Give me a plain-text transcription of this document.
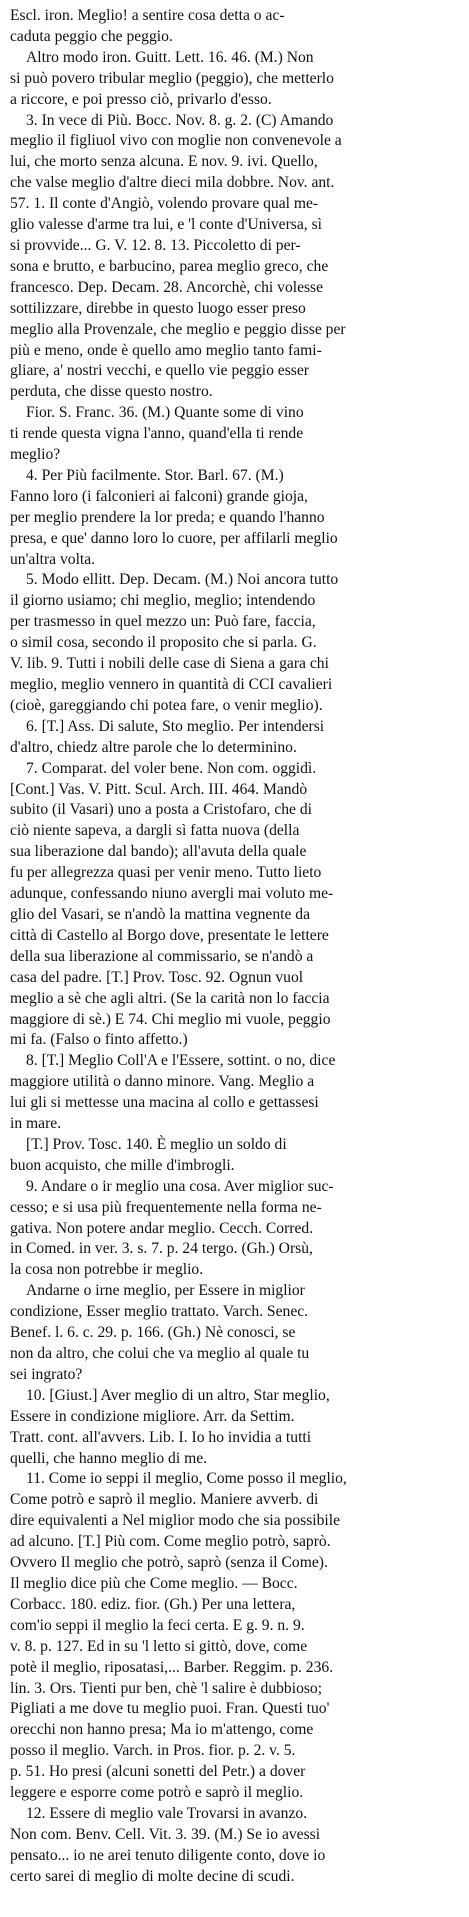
Escl. iron. Meglio! a sentire cosa detta o ac-
caduta peggio che peggio.
Altro modo iron. Guitt. Lett. 16. 46. (M.) Non
si può povero tribular meglio (peggio), che metterlo
a riccore, e poi presso ciò, privarlo d'esso.
3. In vece di Più. Bocc. Nov. 8. g. 2. (C) Amando
meglio il figliuol vivo con moglie non convenevole a
lui, che morto senza alcuna. E nov. 9. ivi. Quello,
che valse meglio d'altre dieci mila dobbre. Nov. ant.
57. 1. Il conte d'Angiò, volendo provare qual me-
glio valesse d'arme tra lui, e 'l conte d'Universa, sì
si provvide... G. V. 12. 8. 13. Piccoletto di per-
sona e brutto, e barbucino, parea meglio greco, che
francesco. Dep. Decam. 28. Ancorchè, chi volesse
sottilizzare, direbbe in questo luogo esser preso
meglio alla Provenzale, che meglio e peggio disse per
più e meno, onde è quello amo meglio tanto fami-
gliare, a' nostri vecchi, e quello vie peggio esser
perduta, che disse questo nostro.
Fior. S. Franc. 36. (M.) Quante some di vino
ti rende questa vigna l'anno, quand'ella ti rende
meglio?
4. Per Più facilmente. Stor. Barl. 67. (M.)
Fanno loro (i falconieri ai falconi) grande gioja,
per meglio prendere la lor preda; e quando l'hanno
presa, e que' danno loro lo cuore, per affilarli meglio
un'altra volta.
5. Modo ellitt. Dep. Decam. (M.) Noi ancora tutto
il giorno usiamo; chi meglio, meglio; intendendo
per trasmesso in quel mezzo un: Può fare, faccia,
o simil cosa, secondo il proposito che si parla. G.
V. lib. 9. Tutti i nobili delle case di Siena a gara chi
meglio, meglio vennero in quantità di CCI cavalieri
(cioè, gareggiando chi potea fare, o venir meglio).
6. [T.] Ass. Di salute, Sto meglio. Per intendersi
d'altro, chiedz altre parole che lo determinino.
7. Comparat. del voler bene. Non com. oggidì.
[Cont.] Vas. V. Pitt. Scul. Arch. III. 464. Mandò
subito (il Vasari) uno a posta a Cristofaro, che di
ciò niente sapeva, a dargli sì fatta nuova (della
sua liberazione dal bando); all'avuta della quale
fu per allegrezza quasi per venir meno. Tutto lieto
adunque, confessando niuno avergli mai voluto me-
glio del Vasari, se n'andò la mattina vegnente da
città di Castello al Borgo dove, presentate le lettere
della sua liberazione al commissario, se n'andò a
casa del padre. [T.] Prov. Tosc. 92. Ognun vuol
meglio a sè che agli altri. (Se la carità non lo faccia
maggiore di sè.) E 74. Chi meglio mi vuole, peggio
mi fa. (Falso o finto affetto.)
8. [T.] Meglio Coll'A e l'Essere, sottint. o no, dice
maggiore utilità o danno minore. Vang. Meglio a
lui gli si mettesse una macina al collo e gettassesi
in mare.
[T.] Prov. Tosc. 140. È meglio un soldo di
buon acquisto, che mille d'imbrogli.
9. Andare o ir meglio una cosa. Aver miglior suc-
cesso; e si usa più frequentemente nella forma ne-
gativa. Non potere andar meglio. Cecch. Corred.
in Comed. in ver. 3. s. 7. p. 24 tergo. (Gh.) Orsù,
la cosa non potrebbe ir meglio.
Andarne o irne meglio, per Essere in miglior
condizione, Esser meglio trattato. Varch. Senec.
Benef. l. 6. c. 29. p. 166. (Gh.) Nè conosci, se
non da altro, che colui che va meglio al quale tu
sei ingrato?
10. [Giust.] Aver meglio di un altro, Star meglio,
Essere in condizione migliore. Arr. da Settim.
Tratt. cont. all'avvers. Lib. I. Io ho invidia a tutti
quelli, che hanno meglio di me.
11. Come io seppi il meglio, Come posso il meglio,
Come potrò e saprò il meglio. Maniere avverb. di
dire equivalenti a Nel miglior modo che sia possibile
ad alcuno. [T.] Più com. Come meglio potrò, saprò.
Ovvero Il meglio che potrò, saprò (senza il Come).
Il meglio dice più che Come meglio. — Bocc.
Corbacc. 180. ediz. fior. (Gh.) Per una lettera,
com'io seppi il meglio la feci certa. E g. 9. n. 9.
v. 8. p. 127. Ed in su 'l letto si gittò, dove, come
potè il meglio, riposatasi,... Barber. Reggim. p. 236.
lin. 3. Ors. Tienti pur ben, chè 'l salire è dubbioso;
Pigliati a me dove tu meglio puoi. Fran. Questi tuo'
orecchi non hanno presa; Ma io m'attengo, come
posso il meglio. Varch. in Pros. fior. p. 2. v. 5.
p. 51. Ho presi (alcuni sonetti del Petr.) a dover
leggere e esporre come potrò e saprò il meglio.
12. Essere di meglio vale Trovarsi in avanzo.
Non com. Benv. Cell. Vit. 3. 39. (M.) Se io avessi
pensato... io ne arei tenuto diligente conto, dove io
certo sarei di meglio di molte decine di scudi.
